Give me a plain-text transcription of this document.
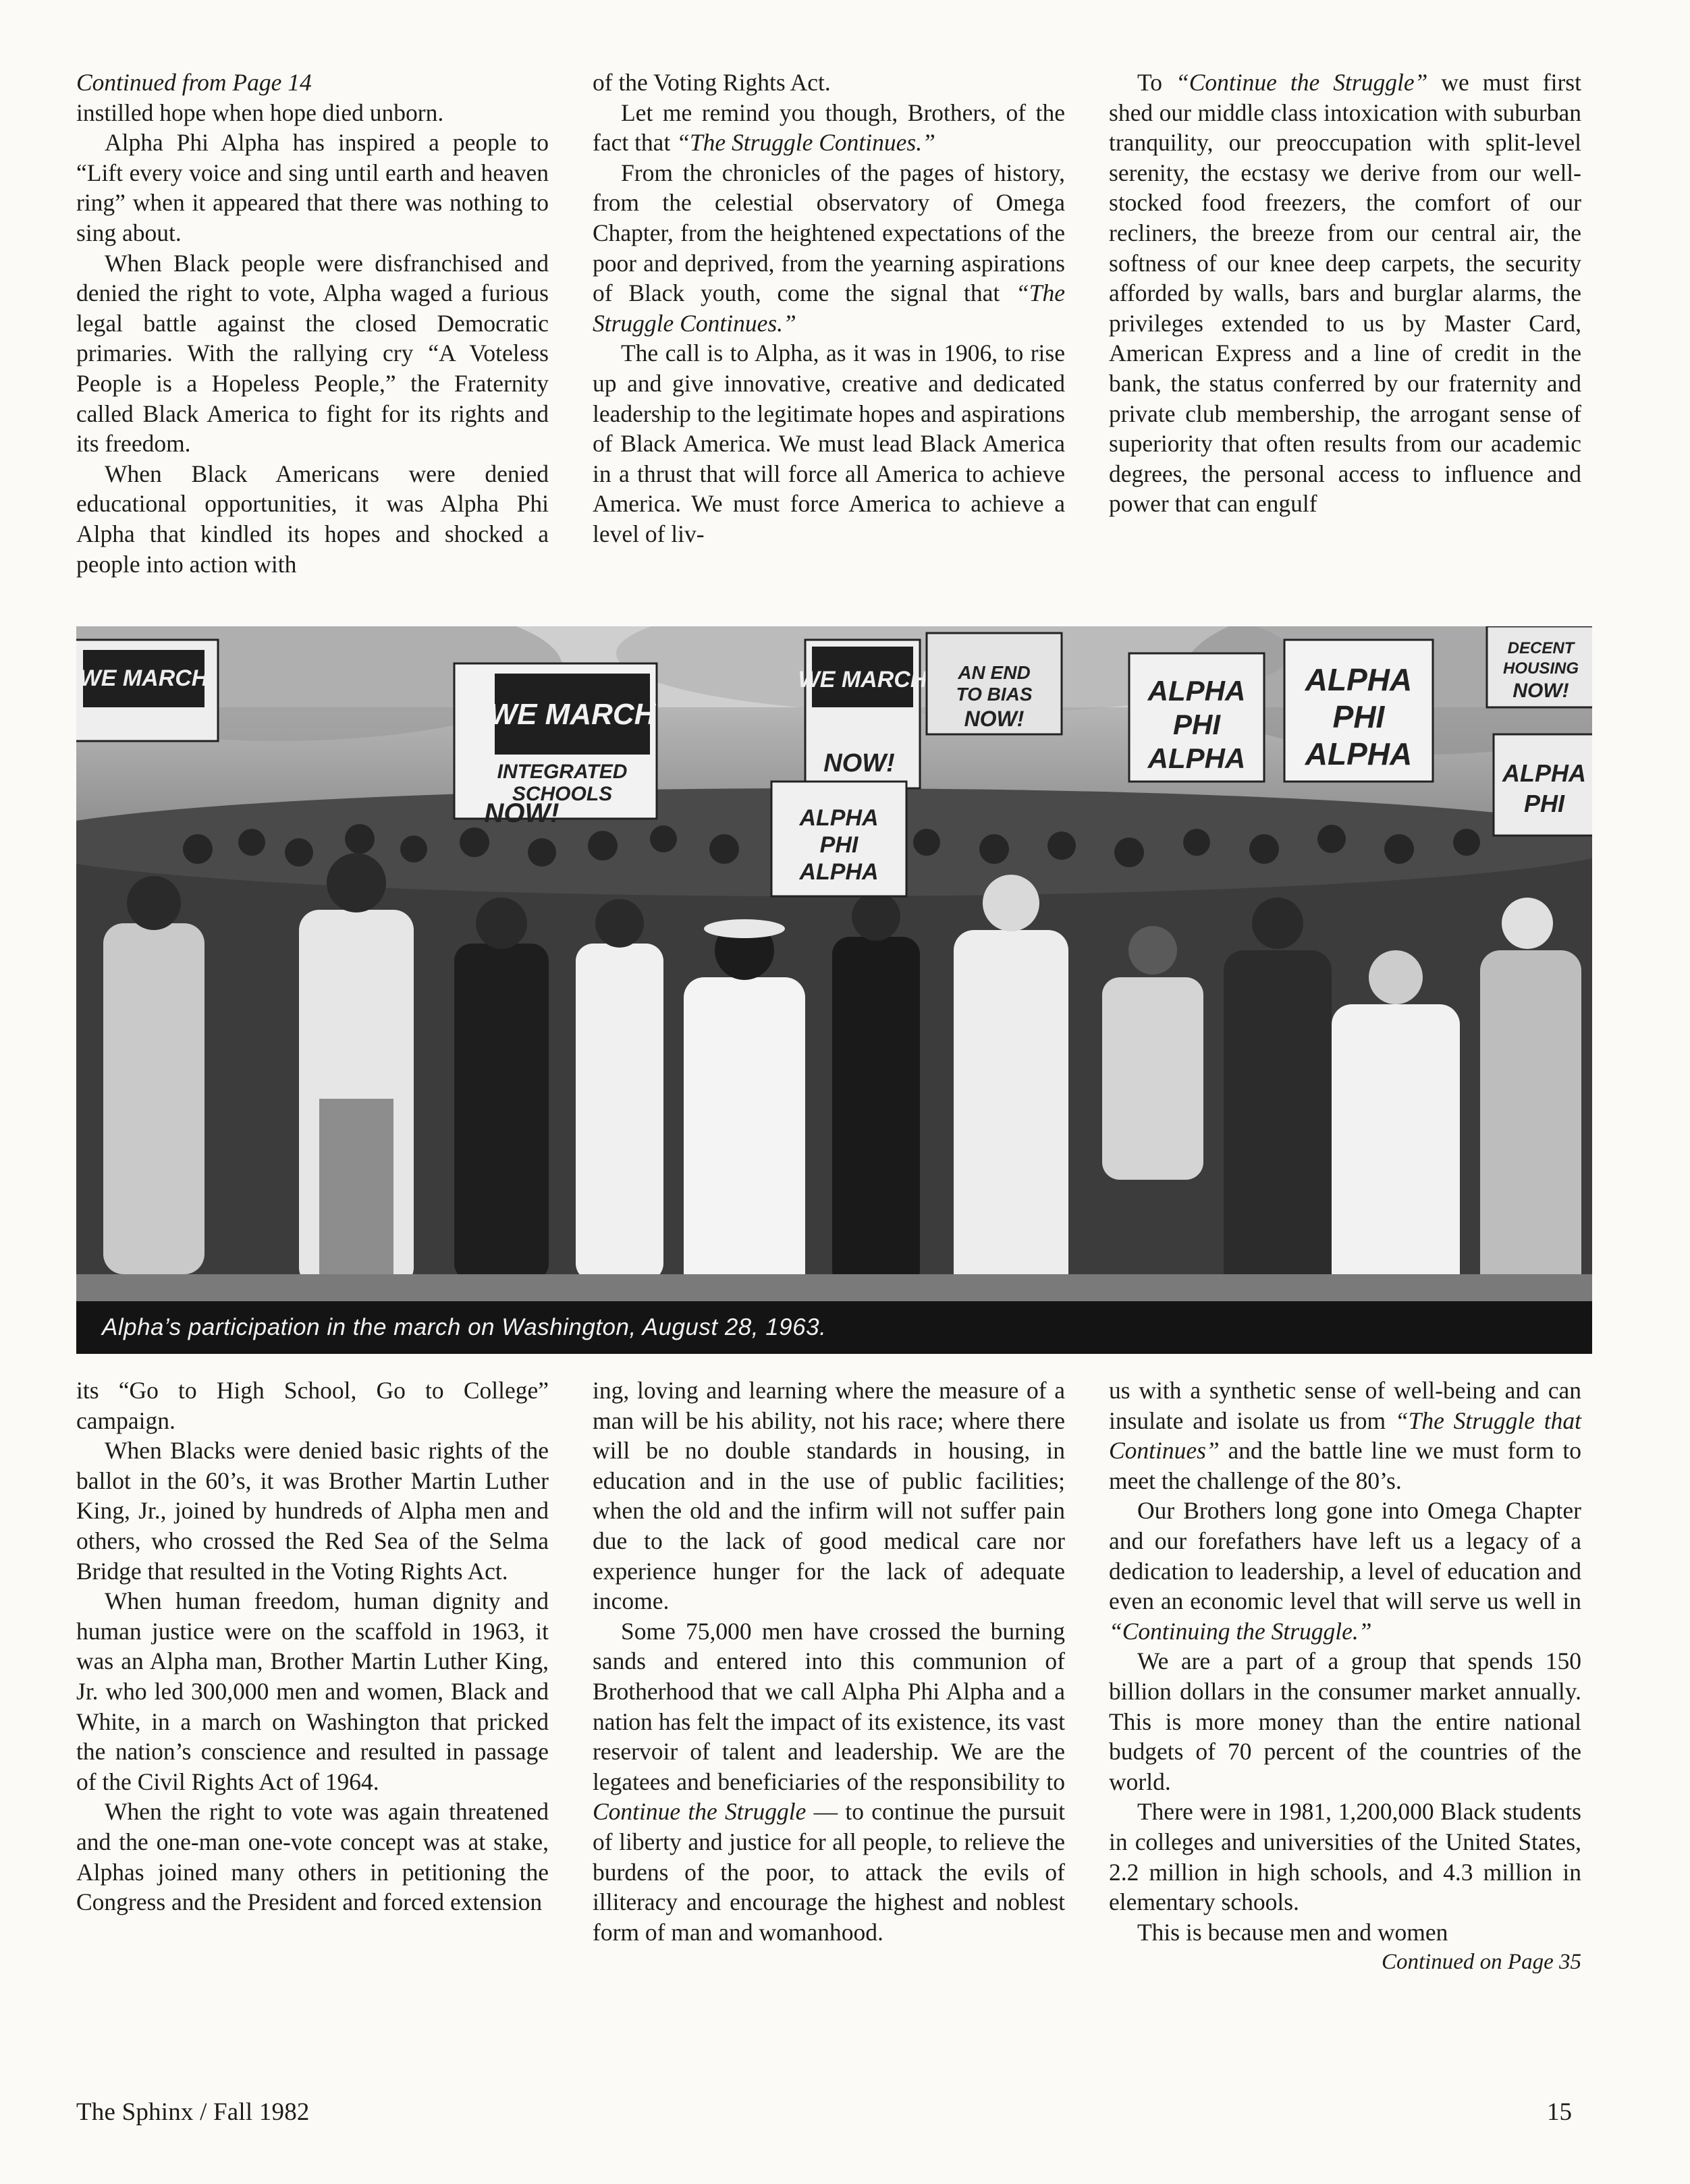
Continued from Page 14

instilled hope when hope died unborn.

Alpha Phi Alpha has inspired a people to “Lift every voice and sing until earth and heaven ring” when it appeared that there was nothing to sing about.

When Black people were disfranchised and denied the right to vote, Alpha waged a furious legal battle against the closed Democratic primaries. With the rallying cry “A Voteless People is a Hopeless People,” the Fraternity called Black America to fight for its rights and its freedom.

When Black Americans were denied educational opportunities, it was Alpha Phi Alpha that kindled its hopes and shocked a people into action with

of the Voting Rights Act.

Let me remind you though, Brothers, of the fact that “The Struggle Continues.”

From the chronicles of the pages of history, from the celestial observatory of Omega Chapter, from the heightened expectations of the poor and deprived, from the yearning aspirations of Black youth, come the signal that “The Struggle Continues.”

The call is to Alpha, as it was in 1906, to rise up and give innovative, creative and dedicated leadership to the legitimate hopes and aspirations of Black America. We must lead Black America in a thrust that will force all America to achieve America. We must force America to achieve a level of liv-

To “Continue the Struggle” we must first shed our middle class intoxication with suburban tranquility, our preoccupation with split-level serenity, the ecstasy we derive from our well-stocked food freezers, the comfort of our recliners, the breeze from our central air, the softness of our knee deep carpets, the security afforded by walls, bars and burglar alarms, the privileges extended to us by Master Card, American Express and a line of credit in the bank, the status conferred by our fraternity and private club membership, the arrogant sense of superiority that often results from our academic degrees, the personal access to influence and power that can engulf

WE MARCH
WE MARCH
INTEGRATED
SCHOOLS
NOW!
WE MARCH
NOW!
AN END
TO BIAS
NOW!
ALPHA
PHI
ALPHA
ALPHA
PHI
ALPHA
ALPHA
PHI
ALPHA
DECENT
HOUSING
NOW!
ALPHA
PHI
Alpha’s participation in the march on Washington, August 28, 1963.

its “Go to High School, Go to College” campaign.

When Blacks were denied basic rights of the ballot in the 60’s, it was Brother Martin Luther King, Jr., joined by hundreds of Alpha men and others, who crossed the Red Sea of the Selma Bridge that resulted in the Voting Rights Act.

When human freedom, human dignity and human justice were on the scaffold in 1963, it was an Alpha man, Brother Martin Luther King, Jr. who led 300,000 men and women, Black and White, in a march on Washington that pricked the nation’s conscience and resulted in passage of the Civil Rights Act of 1964.

When the right to vote was again threatened and the one-man one-vote concept was at stake, Alphas joined many others in petitioning the Congress and the President and forced extension

ing, loving and learning where the measure of a man will be his ability, not his race; where there will be no double standards in housing, in education and in the use of public facilities; when the old and the infirm will not suffer pain due to the lack of good medical care nor experience hunger for the lack of adequate income.

Some 75,000 men have crossed the burning sands and entered into this communion of Brotherhood that we call Alpha Phi Alpha and a nation has felt the impact of its existence, its vast reservoir of talent and leadership. We are the legatees and beneficiaries of the responsibility to Continue the Struggle — to continue the pursuit of liberty and justice for all people, to relieve the burdens of the poor, to attack the evils of illiteracy and encourage the highest and noblest form of man and womanhood.

us with a synthetic sense of well-being and can insulate and isolate us from “The Struggle that Continues” and the battle line we must form to meet the challenge of the 80’s.

Our Brothers long gone into Omega Chapter and our forefathers have left us a legacy of a dedication to leadership, a level of education and even an economic level that will serve us well in “Continuing the Struggle.”

We are a part of a group that spends 150 billion dollars in the consumer market annually. This is more money than the entire national budgets of 70 percent of the countries of the world.

There were in 1981, 1,200,000 Black students in colleges and universities of the United States, 2.2 million in high schools, and 4.3 million in elementary schools.

This is because men and women

Continued on Page 35
The Sphinx / Fall 1982	15
